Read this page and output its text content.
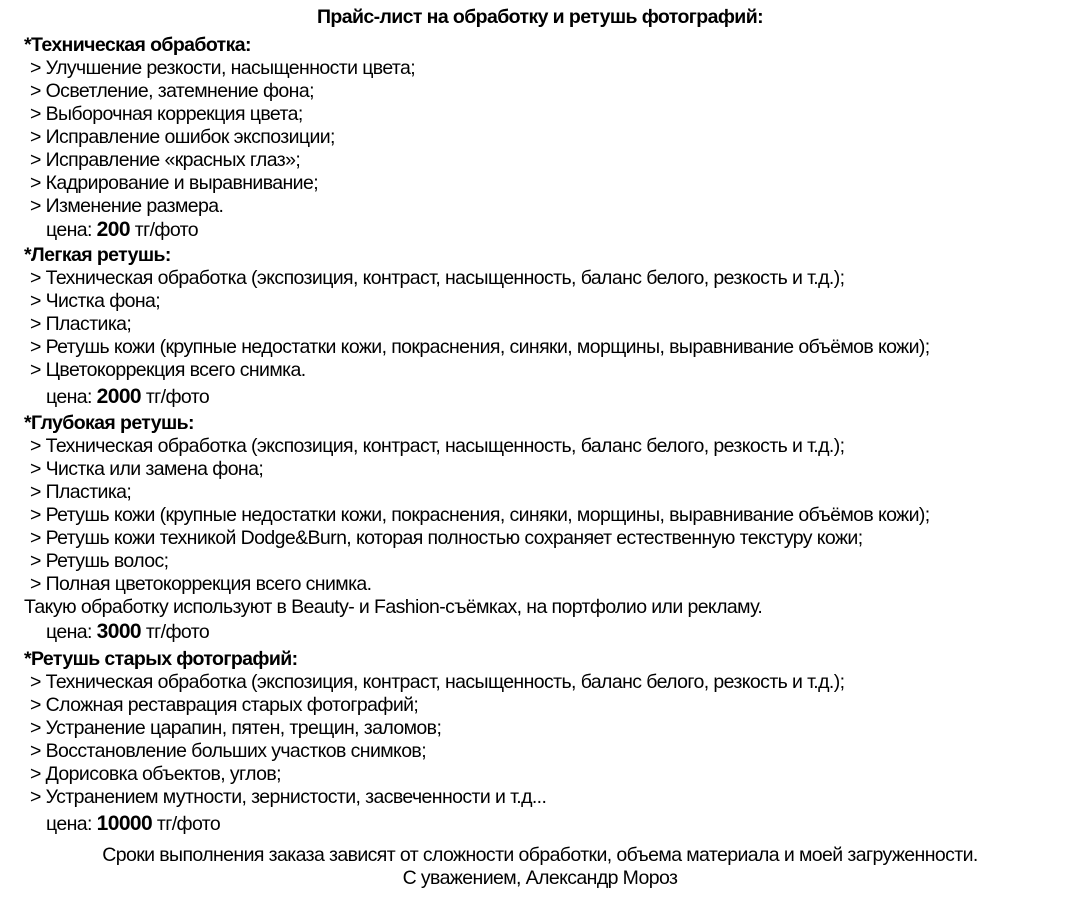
Прайс-лист на обработку и ретушь фотографий:
*Техническая обработка:
> Улучшение резкости, насыщенности цвета;
> Осветление, затемнение фона;
> Выборочная коррекция цвета;
> Исправление ошибок экспозиции;
> Исправление «красных глаз»;
> Кадрирование и выравнивание;
> Изменение размера.
цена: 200 тг/фото
*Легкая ретушь:
> Техническая обработка (экспозиция, контраст, насыщенность, баланс белого, резкость и т.д.);
> Чистка фона;
> Пластика;
> Ретушь кожи (крупные недостатки кожи, покраснения, синяки, морщины, выравнивание объёмов кожи);
> Цветокоррекция всего снимка.
цена: 2000 тг/фото
*Глубокая ретушь:
> Техническая обработка (экспозиция, контраст, насыщенность, баланс белого, резкость и т.д.);
> Чистка или замена фона;
> Пластика;
> Ретушь кожи (крупные недостатки кожи, покраснения, синяки, морщины, выравнивание объёмов кожи);
> Ретушь кожи техникой Dodge&Burn, которая полностью сохраняет естественную текстуру кожи;
> Ретушь волос;
> Полная цветокоррекция всего снимка.
Такую обработку используют в Beauty- и Fashion-съёмках, на портфолио или рекламу.
цена: 3000 тг/фото
*Ретушь старых фотографий:
> Техническая обработка (экспозиция, контраст, насыщенность, баланс белого, резкость и т.д.);
> Сложная реставрация старых фотографий;
> Устранение царапин, пятен, трещин, заломов;
> Восстановление больших участков снимков;
> Дорисовка объектов, углов;
> Устранением мутности, зернистости, засвеченности и т.д...
цена: 10000 тг/фото
Сроки выполнения заказа зависят от сложности обработки, объема материала и моей загруженности.
С уважением, Александр Мороз
